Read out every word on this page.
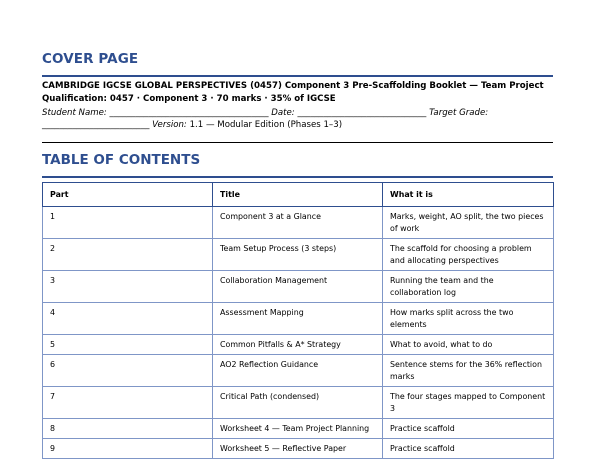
COVER PAGE
CAMBRIDGE IGCSE GLOBAL PERSPECTIVES (0457) Component 3 Pre-Scaffolding Booklet — Team Project
Qualification: 0457 · Component 3 · 70 marks · 35% of IGCSE
Student Name: _____________________________________ Date: ______________________________ Target Grade:
_________________________ Version: 1.1 — Modular Edition (Phases 1–3)
TABLE OF CONTENTS
Part	Title	What it is
1	Component 3 at a Glance	Marks, weight, AO split, the two pieces of work
2	Team Setup Process (3 steps)	The scaffold for choosing a problem and allocating perspectives
3	Collaboration Management	Running the team and the collaboration log
4	Assessment Mapping	How marks split across the two elements
5	Common Pitfalls & A* Strategy	What to avoid, what to do
6	AO2 Reflection Guidance	Sentence stems for the 36% reflection marks
7	Critical Path (condensed)	The four stages mapped to Component 3
8	Worksheet 4 — Team Project Planning	Practice scaffold
9	Worksheet 5 — Reflective Paper	Practice scaffold
